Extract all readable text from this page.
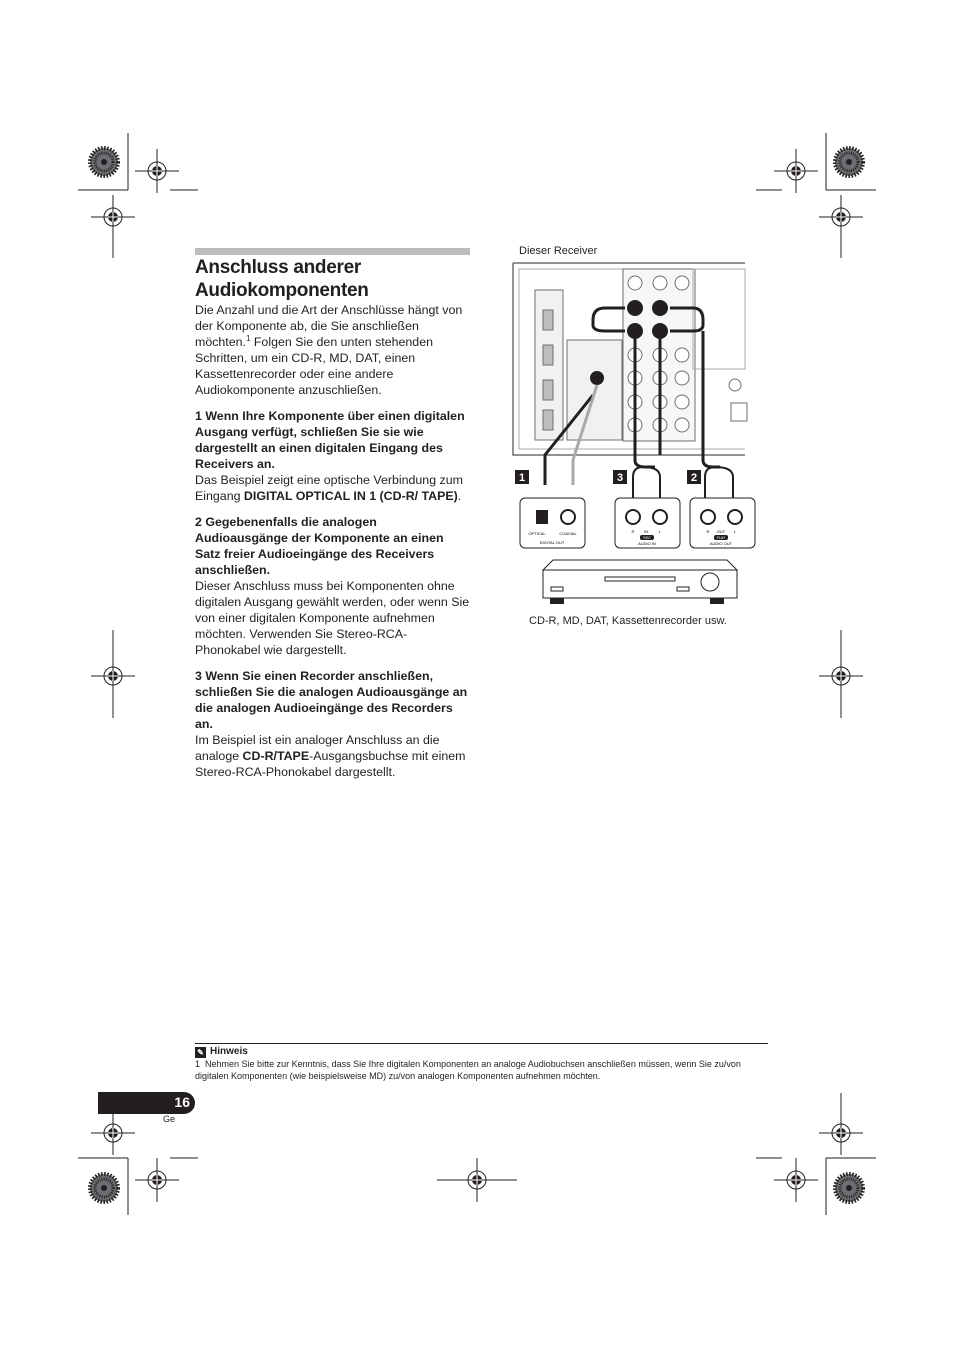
Anschluss anderer
Audiokomponenten

Die Anzahl und die Art der Anschlüsse hängt von der Komponente ab, die Sie anschließen möchten.$^1$ Folgen Sie den unten stehenden Schritten, um ein CD-R, MD, DAT, einen Kassettenrecorder oder eine andere Audiokomponente anzuschließen.

1 Wenn Ihre Komponente über einen digitalen Ausgang verfügt, schließen Sie sie wie dargestellt an einen digitalen Eingang des Receivers an.

Das Beispiel zeigt eine optische Verbindung zum Eingang DIGITAL OPTICAL IN 1 (CD-R/ TAPE).

2 Gegebenenfalls die analogen Audioausgänge der Komponente an einen Satz freier Audioeingänge des Receivers anschließen.

Dieser Anschluss muss bei Komponenten ohne digitalen Ausgang gewählt werden, oder wenn Sie von einer digitalen Komponente aufnehmen möchten. Verwenden Sie Stereo-RCA-Phonokabel wie dargestellt.

3 Wenn Sie einen Recorder anschließen, schließen Sie die analogen Audioausgänge an die analogen Audioeingänge des Recorders an.

Im Beispiel ist ein analoger Anschluss an die analoge CD-R/TAPE-Ausgangsbuchse mit einem Stereo-RCA-Phonokabel dargestellt.

Dieser Receiver
1	3	2
OPTICAL	COAXIAL
DIGITAL OUT
R IN	L
REC
AUDIO IN
R OUT L
PLAY
AUDIO OUT
CD-R, MD, DAT, Kassettenrecorder usw.
✎ Hinweis
1 Nehmen Sie bitte zur Kenntnis, dass Sie Ihre digitalen Komponenten an analoge Audiobuchsen anschließen müssen, wenn Sie zu/von digitalen Komponenten (wie beispielsweise MD) zu/von analogen Komponenten aufnehmen möchten.
16
Ge
